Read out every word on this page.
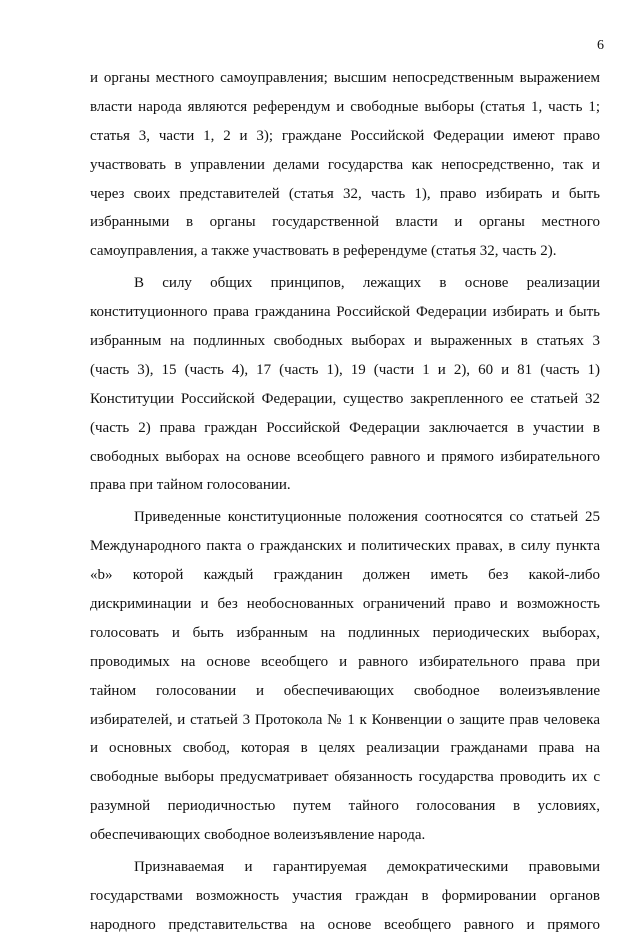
6

и органы местного самоуправления; высшим непосредственным выражением
власти народа являются референдум и свободные выборы (статья 1, часть 1;
статья 3, части 1, 2 и 3); граждане Российской Федерации имеют право
участвовать в управлении делами государства как непосредственно, так и
через своих представителей (статья 32, часть 1), право избирать и быть
избранными в органы государственной власти и органы местного
самоуправления, а также участвовать в референдуме (статья 32, часть 2).

В силу общих принципов, лежащих в основе реализации
конституционного права гражданина Российской Федерации избирать и быть
избранным на подлинных свободных выборах и выраженных в статьях 3
(часть 3), 15 (часть 4), 17 (часть 1), 19 (части 1 и 2), 60 и 81 (часть 1)
Конституции Российской Федерации, существо закрепленного ее статьей 32
(часть 2) права граждан Российской Федерации заключается в участии в
свободных выборах на основе всеобщего равного и прямого избирательного
права при тайном голосовании.

Приведенные конституционные положения соотносятся со статьей 25
Международного пакта о гражданских и политических правах, в силу пункта
«b» которой каждый гражданин должен иметь без какой-либо
дискриминации и без необоснованных ограничений право и возможность
голосовать и быть избранным на подлинных периодических выборах,
проводимых на основе всеобщего и равного избирательного права при
тайном голосовании и обеспечивающих свободное волеизъявление
избирателей, и статьей 3 Протокола № 1 к Конвенции о защите прав человека
и основных свобод, которая в целях реализации гражданами права на
свободные выборы предусматривает обязанность государства проводить их с
разумной периодичностью путем тайного голосования в условиях,
обеспечивающих свободное волеизъявление народа.

Признаваемая и гарантируемая демократическими правовыми
государствами возможность участия граждан в формировании органов
народного представительства на основе всеобщего равного и прямого
